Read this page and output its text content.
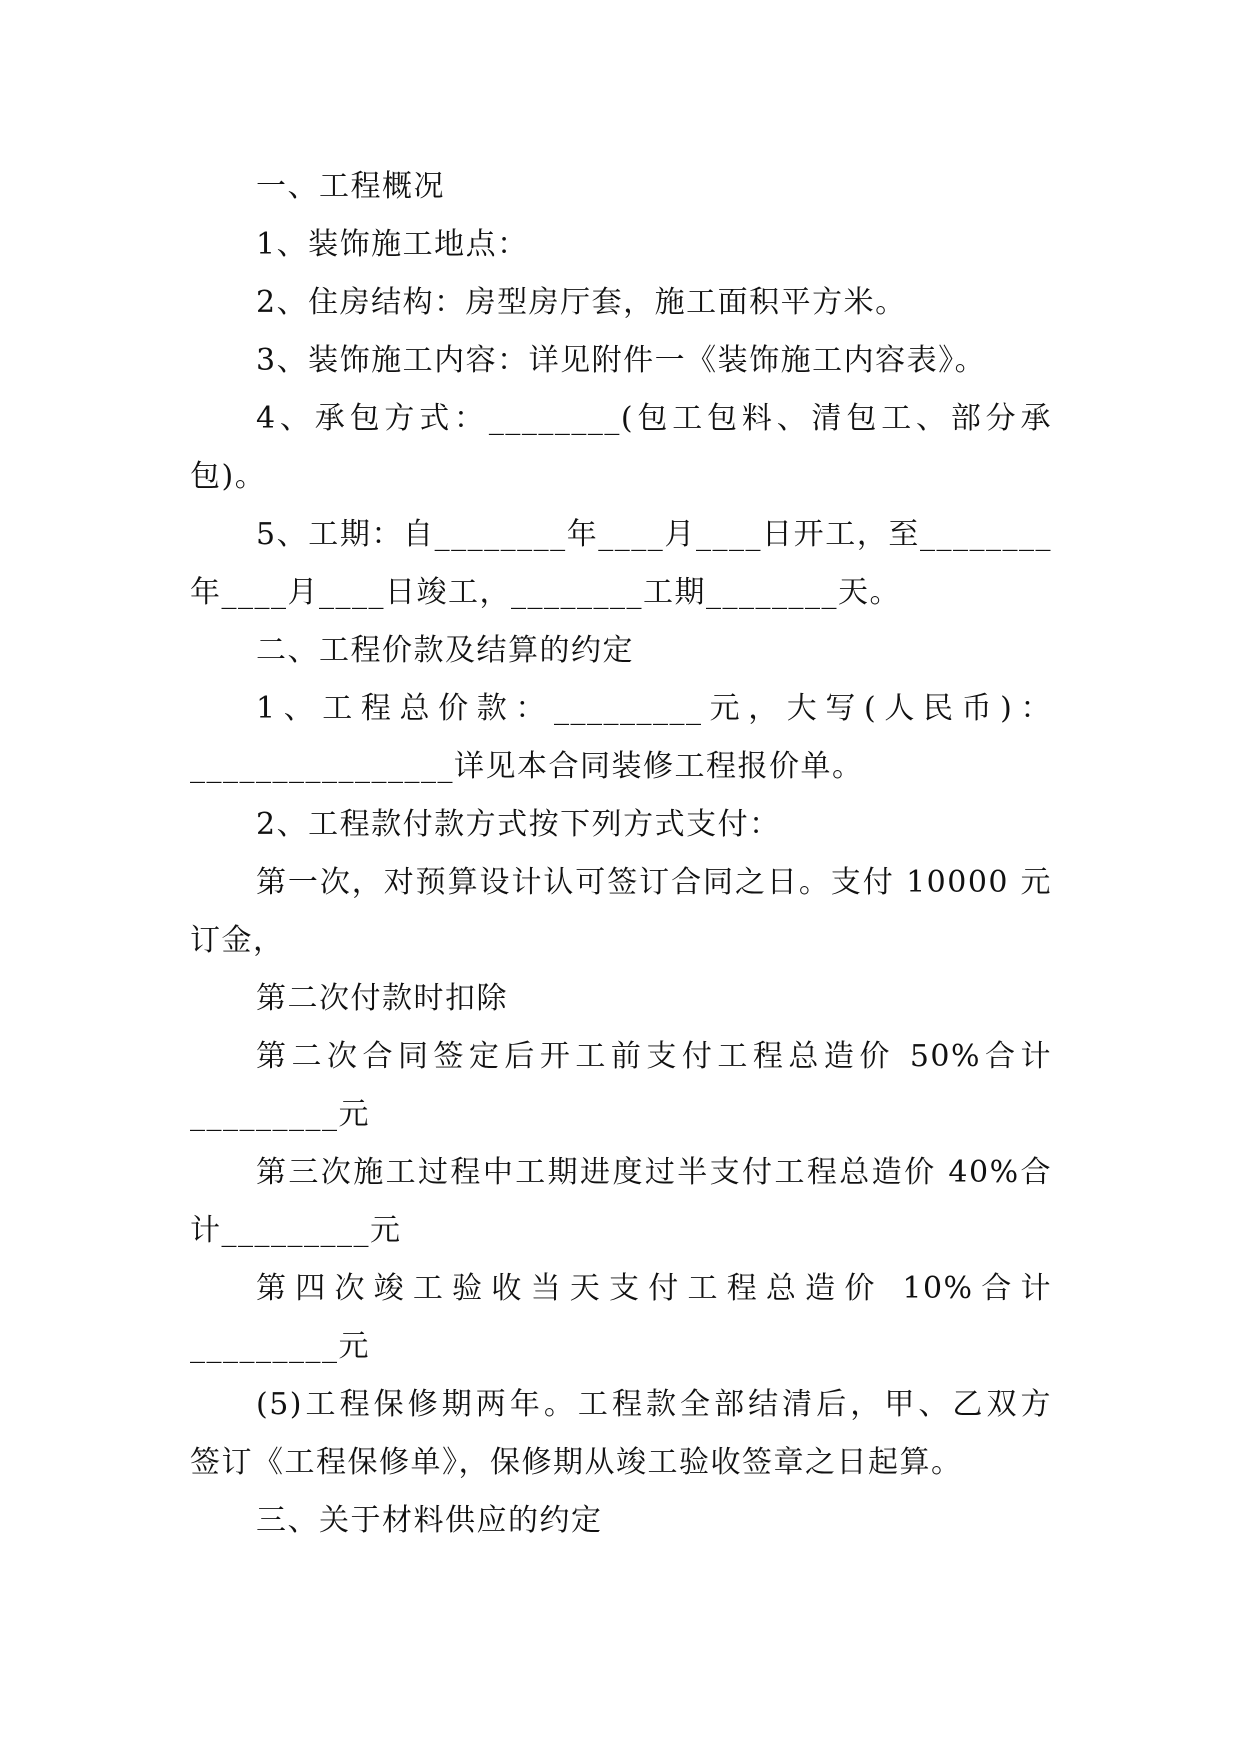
一、工程概况
1、装饰施工地点：
2、住房结构：房型房厅套，施工面积平方米。
3、装饰施工内容：详见附件一《装饰施工内容表》。
4、承包方式：________(包工包料、清包工、部分承
包)。
5、工期：自________年____月____日开工，至________
年____月____日竣工，________工期________天。
二、工程价款及结算的约定
1、工程总价款：_________元，大写(人民币)：
________________详见本合同装修工程报价单。
2、工程款付款方式按下列方式支付：
第一次，对预算设计认可签订合同之日。支付 10000 元
订金，
第二次付款时扣除
第二次合同签定后开工前支付工程总造价 50%合计
_________元
第三次施工过程中工期进度过半支付工程总造价 40%合
计_________元
第四次竣工验收当天支付工程总造价 10%合计
_________元
(5)工程保修期两年。工程款全部结清后，甲、乙双方
签订《工程保修单》，保修期从竣工验收签章之日起算。
三、关于材料供应的约定
